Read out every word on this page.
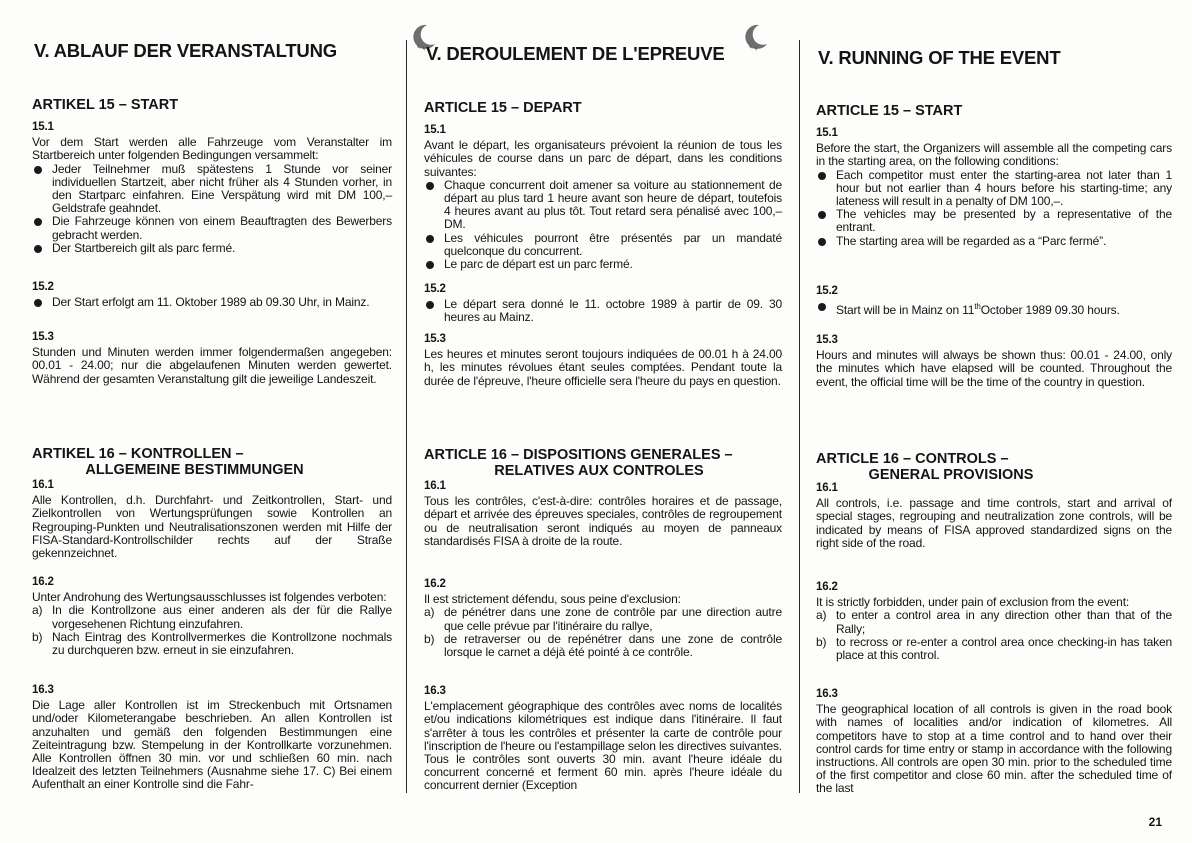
V. ABLAUF DER VERANSTALTUNG
ARTIKEL 15 – START
15.1
Vor dem Start werden alle Fahrzeuge vom Veranstalter im Startbereich unter folgenden Bedingungen versammelt:
Jeder Teilnehmer muß spätestens 1 Stunde vor seiner individuellen Startzeit, aber nicht früher als 4 Stunden vorher, in den Startparc einfahren. Eine Verspätung wird mit DM 100,– Geldstrafe geahndet.
Die Fahrzeuge können von einem Beauftragten des Bewerbers gebracht werden.
Der Startbereich gilt als parc fermé.
15.2
Der Start erfolgt am 11. Oktober 1989 ab 09.30 Uhr, in Mainz.
15.3
Stunden und Minuten werden immer folgendermaßen angegeben: 00.01 - 24.00; nur die abgelaufenen Minuten werden gewertet. Während der gesamten Veranstaltung gilt die jeweilige Landeszeit.
ARTIKEL 16 – KONTROLLEN –
ALLGEMEINE BESTIMMUNGEN
16.1
Alle Kontrollen, d.h. Durchfahrt- und Zeitkontrollen, Start- und Zielkontrollen von Wertungsprüfungen sowie Kontrollen an Regrouping-Punkten und Neutralisationszonen werden mit Hilfe der FISA-Standard-Kontrollschilder rechts auf der Straße gekennzeichnet.
16.2
Unter Androhung des Wertungsausschlusses ist folgendes verboten:
a) In die Kontrollzone aus einer anderen als der für die Rallye vorgesehenen Richtung einzufahren.
b) Nach Eintrag des Kontrollvermerkes die Kontrollzone nochmals zu durchqueren bzw. erneut in sie einzufahren.
16.3
Die Lage aller Kontrollen ist im Streckenbuch mit Ortsnamen und/oder Kilometerangabe beschrieben. An allen Kontrollen ist anzuhalten und gemäß den folgenden Bestimmungen eine Zeiteintragung bzw. Stempelung in der Kontrollkarte vorzunehmen. Alle Kontrollen öffnen 30 min. vor und schließen 60 min. nach Idealzeit des letzten Teilnehmers (Ausnahme siehe 17. C) Bei einem Aufenthalt an einer Kontrolle sind die Fahr-
V. DEROULEMENT DE L'EPREUVE
ARTICLE 15 – DEPART
15.1
Avant le départ, les organisateurs prévoient la réunion de tous les véhicules de course dans un parc de départ, dans les conditions suivantes:
Chaque concurrent doit amener sa voiture au stationnement de départ au plus tard 1 heure avant son heure de départ, toutefois 4 heures avant au plus tôt. Tout retard sera pénalisé avec 100,– DM.
Les véhicules pourront être présentés par un mandaté quelconque du concurrent.
Le parc de départ est un parc fermé.
15.2
Le départ sera donné le 11. octobre 1989 à partir de 09. 30 heures au Mainz.
15.3
Les heures et minutes seront toujours indiquées de 00.01 h à 24.00 h, les minutes révolues étant seules comptées. Pendant toute la durée de l'épreuve, l'heure officielle sera l'heure du pays en question.
ARTICLE 16 – DISPOSITIONS GENERALES –
RELATIVES AUX CONTROLES
16.1
Tous les contrôles, c'est-à-dire: contrôles horaires et de passage, départ et arrivée des épreuves speciales, contrôles de regroupement ou de neutralisation seront indiqués au moyen de panneaux standardisés FISA à droite de la route.
16.2
Il est strictement défendu, sous peine d'exclusion:
a) de pénétrer dans une zone de contrôle par une direction autre que celle prévue par l'itinéraire du rallye,
b) de retraverser ou de repénétrer dans une zone de contrôle lorsque le carnet a déjà été pointé à ce contrôle.
16.3
L'emplacement géographique des contrôles avec noms de localités et/ou indications kilométriques est indique dans l'itinéraire. Il faut s'arrêter à tous les contrôles et présenter la carte de contrôle pour l'inscription de l'heure ou l'estampillage selon les directives suivantes. Tous le contrôles sont ouverts 30 min. avant l'heure idéale du concurrent concerné et ferment 60 min. après l'heure idéale du concurrent dernier (Exception
V. RUNNING OF THE EVENT
ARTICLE 15 – START
15.1
Before the start, the Organizers will assemble all the competing cars in the starting area, on the following conditions:
Each competitor must enter the starting-area not later than 1 hour but not earlier than 4 hours before his starting-time; any lateness will result in a penalty of DM 100,–.
The vehicles may be presented by a representative of the entrant.
The starting area will be regarded as a “Parc fermé”.
15.2
Start will be in Mainz on 11thOctober 1989 09.30 hours.
15.3
Hours and minutes will always be shown thus: 00.01 - 24.00, only the minutes which have elapsed will be counted. Throughout the event, the official time will be the time of the country in question.
ARTICLE 16 – CONTROLS –
GENERAL PROVISIONS
16.1
All controls, i.e. passage and time controls, start and arrival of special stages, regrouping and neutralization zone controls, will be indicated by means of FISA approved standardized signs on the right side of the road.
16.2
It is strictly forbidden, under pain of exclusion from the event:
a) to enter a control area in any direction other than that of the Rally;
b) to recross or re-enter a control area once checking-in has taken place at this control.
16.3
The geographical location of all controls is given in the road book with names of localities and/or indication of kilometres. All competitors have to stop at a time control and to hand over their control cards for time entry or stamp in accordance with the following instructions. All controls are open 30 min. prior to the scheduled time of the first competitor and close 60 min. after the scheduled time of the last
21
